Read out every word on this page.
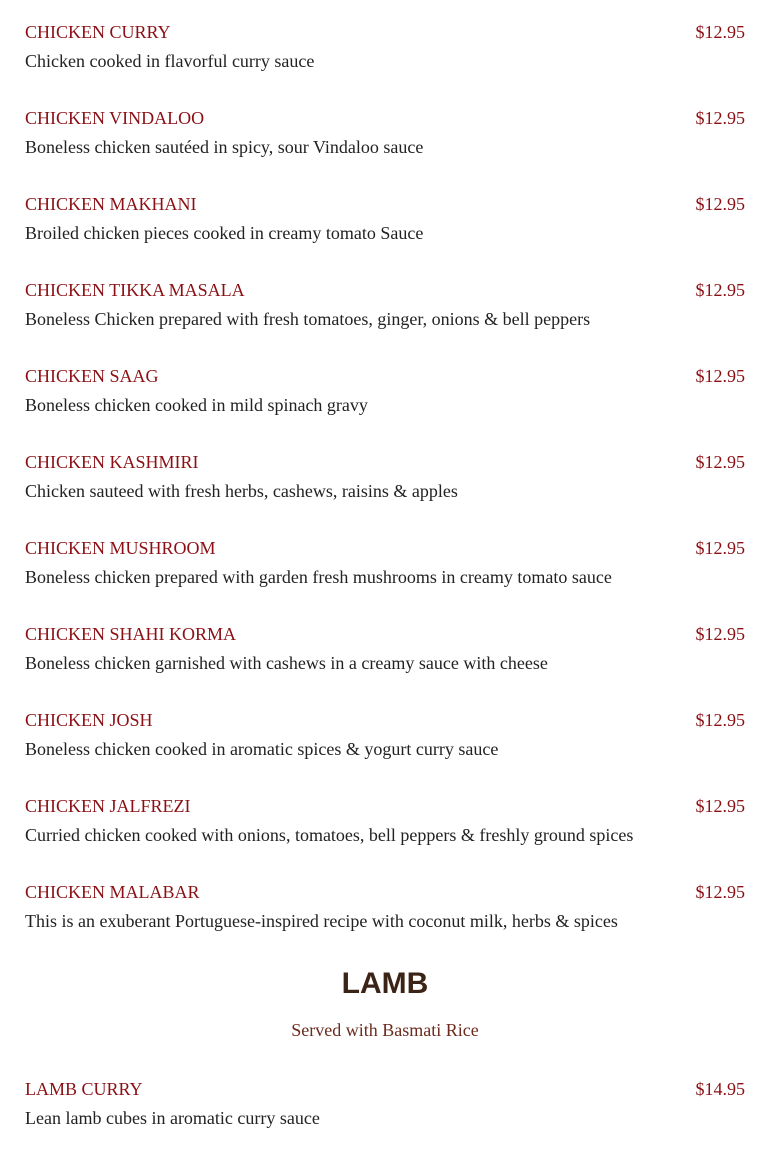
CHICKEN CURRY	$12.95
Chicken cooked in flavorful curry sauce
CHICKEN VINDALOO	$12.95
Boneless chicken sautéed in spicy, sour Vindaloo sauce
CHICKEN MAKHANI	$12.95
Broiled chicken pieces cooked in creamy tomato Sauce
CHICKEN TIKKA MASALA	$12.95
Boneless Chicken prepared with fresh tomatoes, ginger, onions & bell peppers
CHICKEN SAAG	$12.95
Boneless chicken cooked in mild spinach gravy
CHICKEN KASHMIRI	$12.95
Chicken sauteed with fresh herbs, cashews, raisins & apples
CHICKEN MUSHROOM	$12.95
Boneless chicken prepared with garden fresh mushrooms in creamy tomato sauce
CHICKEN SHAHI KORMA	$12.95
Boneless chicken garnished with cashews in a creamy sauce with cheese
CHICKEN JOSH	$12.95
Boneless chicken cooked in aromatic spices & yogurt curry sauce
CHICKEN JALFREZI	$12.95
Curried chicken cooked with onions, tomatoes, bell peppers & freshly ground spices
CHICKEN MALABAR	$12.95
This is an exuberant Portuguese-inspired recipe with coconut milk, herbs & spices
LAMB
Served with Basmati Rice
LAMB CURRY	$14.95
Lean lamb cubes in aromatic curry sauce
